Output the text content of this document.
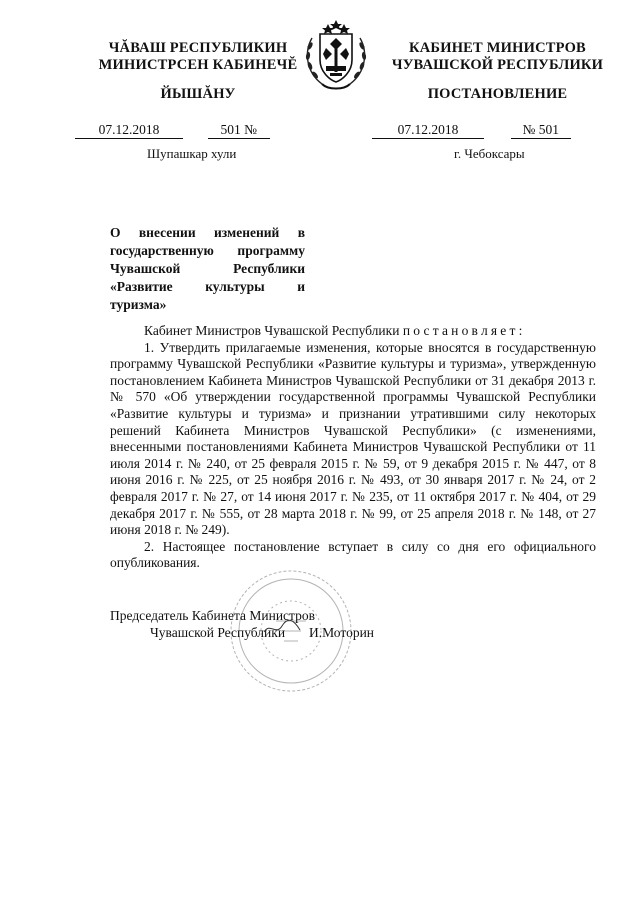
ЧĂВАШ РЕСПУБЛИКИН
МИНИСТРСЕН КАБИНЕЧĔ
ЙЫШĂНУ
КАБИНЕТ МИНИСТРОВ
ЧУВАШСКОЙ РЕСПУБЛИКИ
ПОСТАНОВЛЕНИЕ
07.12.2018	501 №	07.12.2018	№ 501
Шупашкар хули	г. Чебоксары
О внесении изменений в государственную программу Чувашской Республики «Развитие культуры и туризма»

Кабинет Министров Чувашской Республики постановляет:

1. Утвердить прилагаемые изменения, которые вносятся в государственную программу Чувашской Республики «Развитие культуры и туризма», утвержденную постановлением Кабинета Министров Чувашской Республики от 31 декабря 2013 г. № 570 «Об утверждении государственной программы Чувашской Республики «Развитие культуры и туризма» и признании утратившими силу некоторых решений Кабинета Министров Чувашской Республики» (с изменениями, внесенными постановлениями Кабинета Министров Чувашской Республики от 11 июля 2014 г. № 240, от 25 февраля 2015 г. № 59, от 9 декабря 2015 г. № 447, от 8 июня 2016 г. № 225, от 25 ноября 2016 г. № 493, от 30 января 2017 г. № 24, от 2 февраля 2017 г. № 27, от 14 июня 2017 г. № 235, от 11 октября 2017 г. № 404, от 29 декабря 2017 г. № 555, от 28 марта 2018 г. № 99, от 25 апреля 2018 г. № 148, от 27 июня 2018 г. № 249).

2. Настоящее постановление вступает в силу со дня его официального опубликования.

Председатель Кабинета Министров
Чувашской Республики И.Моторин
